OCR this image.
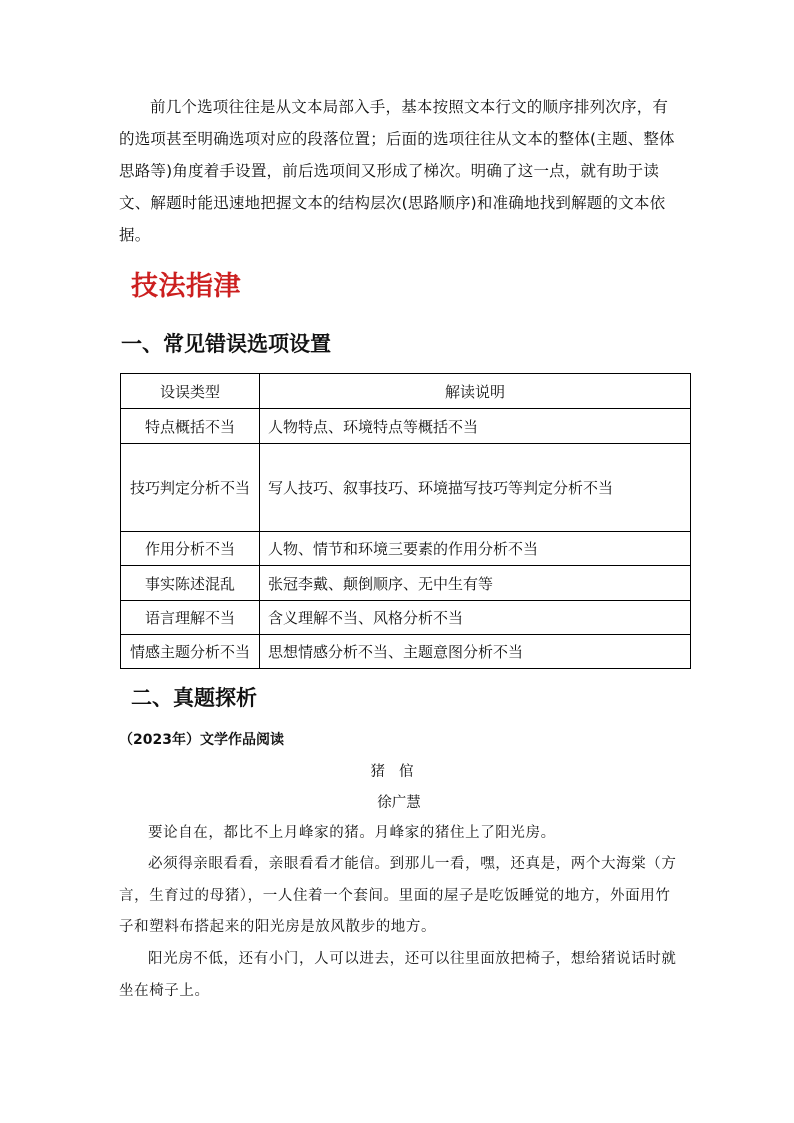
前几个选项往往是从文本局部入手，基本按照文本行文的顺序排列次序，有的选项甚至明确选项对应的段落位置；后面的选项往往从文本的整体(主题、整体思路等)角度着手设置，前后选项间又形成了梯次。明确了这一点，就有助于读文、解题时能迅速地把握文本的结构层次(思路顺序)和准确地找到解题的文本依据。

技法指津
一、常见错误选项设置
设误类型	解读说明
特点概括不当	人物特点、环境特点等概括不当
技巧判定分析不当	写人技巧、叙事技巧、环境描写技巧等判定分析不当
作用分析不当	人物、情节和环境三要素的作用分析不当
事实陈述混乱	张冠李戴、颠倒顺序、无中生有等
语言理解不当	含义理解不当、风格分析不当
情感主题分析不当	思想情感分析不当、主题意图分析不当
二、真题探析

（2023年）文学作品阅读

猪倌

徐广慧

要论自在，都比不上月峰家的猪。月峰家的猪住上了阳光房。

必须得亲眼看看，亲眼看看才能信。到那儿一看，嘿，还真是，两个大海棠（方言，生育过的母猪），一人住着一个套间。里面的屋子是吃饭睡觉的地方，外面用竹子和塑料布搭起来的阳光房是放风散步的地方。

阳光房不低，还有小门，人可以进去，还可以往里面放把椅子，想给猪说话时就坐在椅子上。
